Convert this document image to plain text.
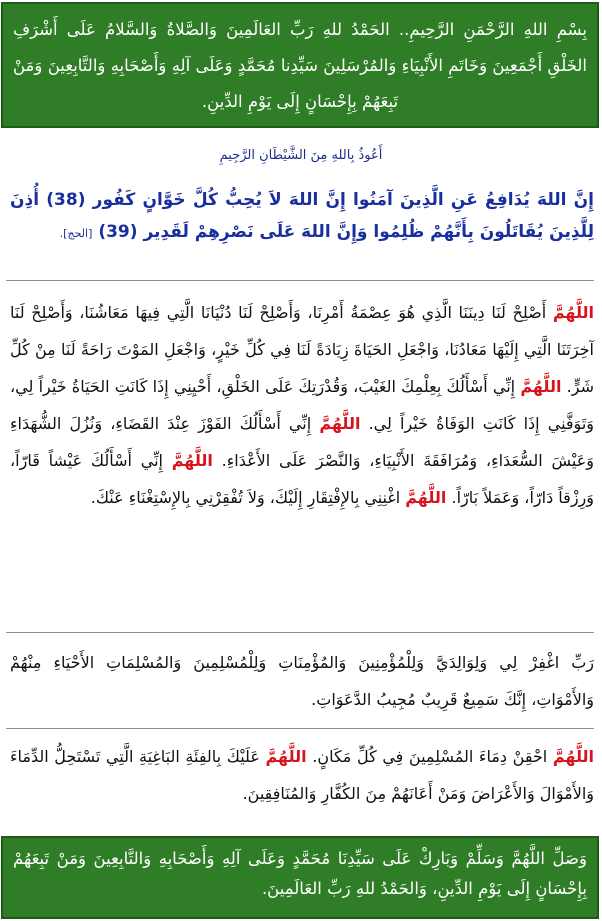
بِسْمِ اللهِ الرَّحْمَنِ الرَّحِيمِ.. الحَمْدُ للهِ رَبِّ العَالَمِينَ وَالصَّلاةُ وَالسَّلامُ عَلَى أَشْرَفِ الخَلْقِ أَجْمَعِينَ وَخَاتَمِ الأَنْبِيَاءِ وَالمُرْسَلِينَ سَيِّدِنا مُحَمَّدٍ وَعَلَى آلِهِ وَأَصْحَابِهِ وَالتَّابِعِينَ وَمَنْ تَبِعَهُمْ بِإِحْسَانٍ إِلَى يَوْمِ الدِّينِ.
أَعُوذُ بِاللهِ مِنَ الشَّيْطَانِ الرَّجِيمِ
إِنَّ اللهَ يُدَافِعُ عَنِ الَّذِينَ آمَنُوا إِنَّ اللهَ لاَ يُحِبُّ كُلَّ خَوَّانٍ كَفُور (38) أُذِنَ لِلَّذِينَ يُقَاتَلُونَ بِأَنَّهُمْ ظُلِمُوا وَإِنَّ اللهَ عَلَى نَصْرِهِمْ لَقَدِير (39) [الحج].
اللَّهُمَّ أَصْلِحْ لَنَا دِينَنَا الَّذِي هُوَ عِصْمَةُ أَمْرِنَا، وَأَصْلِحْ لَنَا دُنْيَانَا الَّتِي فِيهَا مَعَاشُنَا، وَأَصْلِحْ لَنَا آخِرَتَنَا الَّتِي إِلَيْهَا مَعَادُنَا، وَاجْعَلِ الحَيَاةَ زِيَادَةً لَنَا فِي كُلِّ خَيْرٍ، وَاجْعَلِ المَوْتَ رَاحَةً لَنَا مِنْ كُلِّ شَرٍّ. اللَّهُمَّ إِنِّي أَسْأَلُكَ بِعِلْمِكَ الغَيْبَ، وَقُدْرَتِكَ عَلَى الخَلْقِ، أَحْيِنِي إِذَا كَانَتِ الحَيَاةُ خَيْراً لِي، وَتَوَفَّنِي إِذَا كَانَتِ الوَفَاةُ خَيْراً لِي. اللَّهُمَّ إِنِّي أَسْأَلُكَ الفَوْزَ عِنْدَ القَضَاءِ، وَنُزُلَ الشُّهَدَاءِ وَعَيْشَ السُّعَدَاءِ، وَمُرَافَقَةَ الأَنْبِيَاءِ، وَالنَّصْرَ عَلَى الأَعْدَاءِ. اللَّهُمَّ إِنِّي أَسْأَلُكَ عَيْشاً قَارّاً، وَرِزْقاً دَارّاً، وَعَمَلاً بَارّاً. اللَّهُمَّ اغْنِنِي بِالإِفْتِقَارِ إِلَيْكَ، وَلاَ تُفْقِرْنِي بِالإِسْتِغْنَاءِ عَنْكَ.
رَبِّ اغْفِرْ لِي وَلِوَالِدَيَّ وَلِلْمُؤْمِنِينَ وَالمُؤْمِنَاتِ وَلِلْمُسْلِمِينَ وَالمُسْلِمَاتِ الأَحْيَاءِ مِنْهُمْ وَالأَمْوَاتِ، إِنَّكَ سَمِيعٌ قَرِيبٌ مُجِيبُ الدَّعَوَاتِ.
اللَّهُمَّ احْقِنْ دِمَاءَ المُسْلِمِينَ فِي كُلِّ مَكَانٍ. اللَّهُمَّ عَلَيْكَ بِالفِئَةِ البَاغِيَةِ الَّتِي تَسْتَحِلُّ الدِّمَاءَ وَالأَمْوَالَ وَالأَعْرَاضَ وَمَنْ أَعَانَهُمْ مِنَ الكُفَّارِ وَالمُنَافِقِينَ.
وَصَلِّ اللَّهُمَّ وَسَلِّمْ وَبَارِكْ عَلَى سَيِّدِنَا مُحَمَّدٍ وَعَلَى آلِهِ وَأَصْحَابِهِ وَالتَّابِعِينَ وَمَنْ تَبِعَهُمْ بِإِحْسَانٍ إِلَى يَوْمِ الدِّينِ، وَالحَمْدُ للهِ رَبِّ العَالَمِينَ.
